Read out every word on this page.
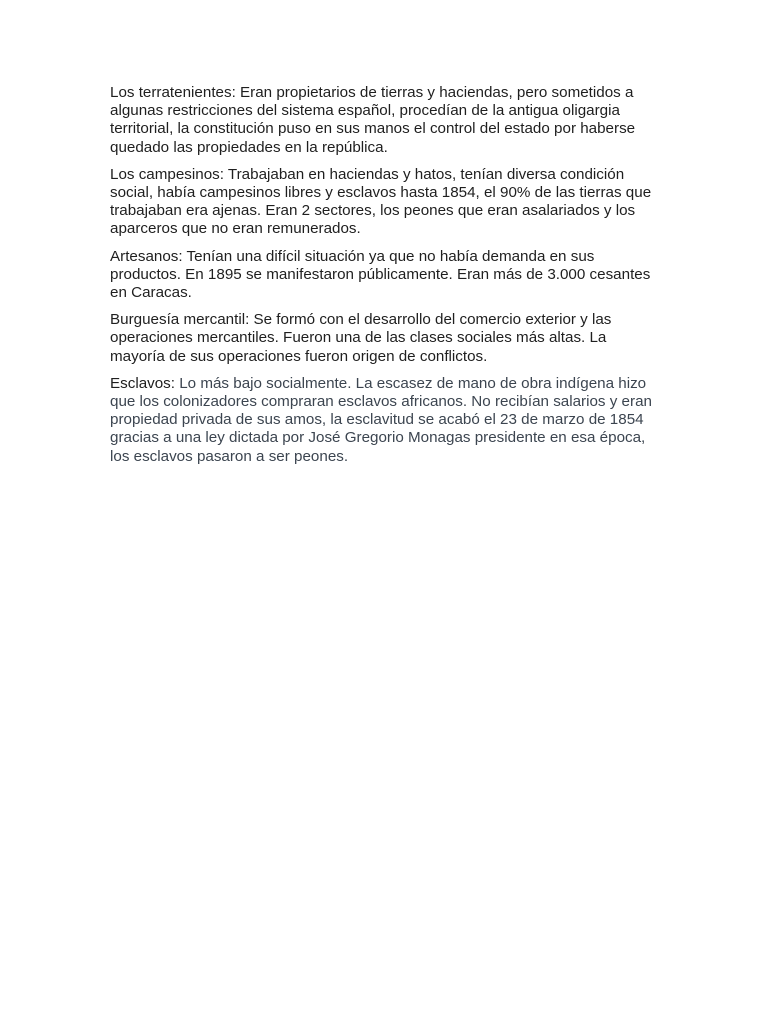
Los terratenientes: Eran propietarios de tierras y haciendas, pero sometidos a algunas restricciones del sistema español, procedían de la antigua oligargia territorial, la constitución puso en sus manos el control del estado por haberse quedado las propiedades en la república.

Los campesinos: Trabajaban en haciendas y hatos, tenían diversa condición social, había campesinos libres y esclavos hasta 1854, el 90% de las tierras que trabajaban era ajenas. Eran 2 sectores, los peones que eran asalariados y los aparceros que no eran remunerados.

Artesanos: Tenían una difícil situación ya que no había demanda en sus productos. En 1895 se manifestaron públicamente. Eran más de 3.000 cesantes en Caracas.

Burguesía mercantil: Se formó con el desarrollo del comercio exterior y las operaciones mercantiles. Fueron una de las clases sociales más altas. La mayoría de sus operaciones fueron origen de conflictos.

Esclavos: Lo más bajo socialmente. La escasez de mano de obra indígena hizo que los colonizadores compraran esclavos africanos. No recibían salarios y eran propiedad privada de sus amos, la esclavitud se acabó el 23 de marzo de 1854 gracias a una ley dictada por José Gregorio Monagas presidente en esa época, los esclavos pasaron a ser peones.
